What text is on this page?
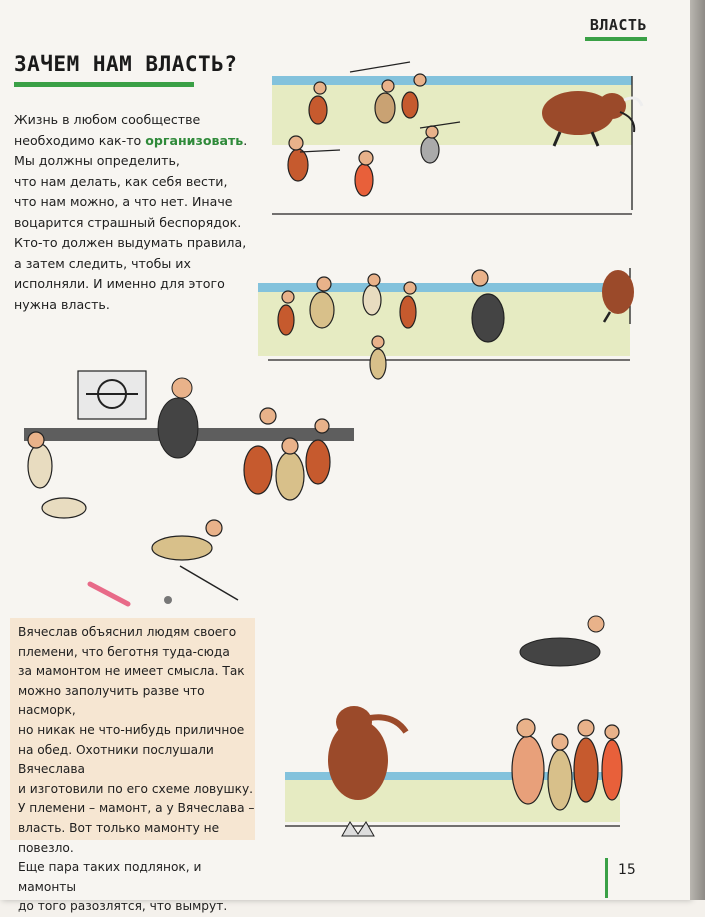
ВЛАСТЬ
ЗАЧЕМ НАМ ВЛАСТЬ?

Жизнь в любом сообществе

необходимо как-то организовать.

Мы должны определить,

что нам делать, как себя вести,

что нам можно, а что нет. Иначе

воцарится страшный беспорядок.

Кто-то должен выдумать правила,

а затем следить, чтобы их

исполняли. И именно для этого

нужна власть.

Вячеслав объяснил людям своего

племени, что беготня туда-сюда

за мамонтом не имеет смысла. Так

можно заполучить разве что насморк,

но никак не что-нибудь приличное

на обед. Охотники послушали Вячеслава

и изготовили по его схеме ловушку.

У племени – мамонт, а у Вячеслава –

власть. Вот только мамонту не повезло.

Еще пара таких подлянок, и мамонты

до того разозлятся, что вымрут.

15
